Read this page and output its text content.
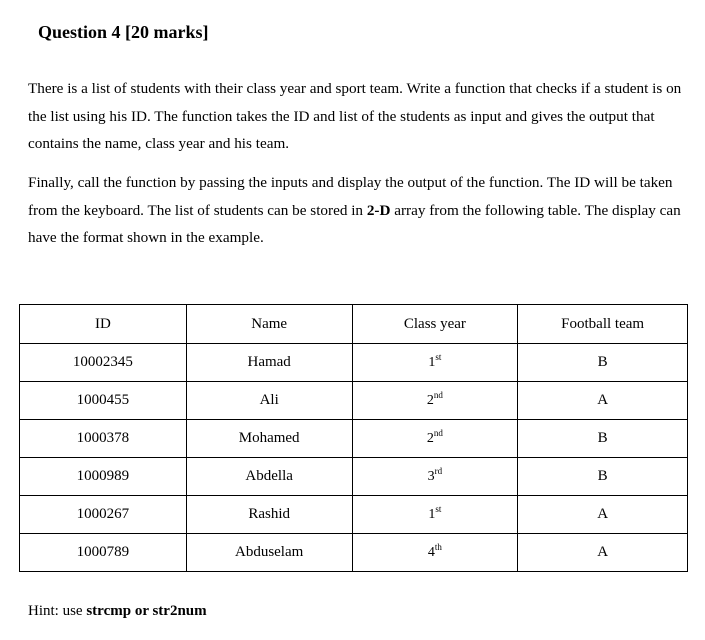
Question 4 [20 marks]

There is a list of students with their class year and sport team. Write a function that checks if a student is on the list using his ID. The function takes the ID and list of the students as input and gives the output that contains the name, class year and his team.

Finally, call the function by passing the inputs and display the output of the function. The ID will be taken from the keyboard. The list of students can be stored in 2-D array from the following table. The display can have the format shown in the example.

ID	Name	Class year	Football team
10002345	Hamad	1st	B
1000455	Ali	2nd	A
1000378	Mohamed	2nd	B
1000989	Abdella	3rd	B
1000267	Rashid	1st	A
1000789	Abduselam	4th	A
Hint: use strcmp or str2num
